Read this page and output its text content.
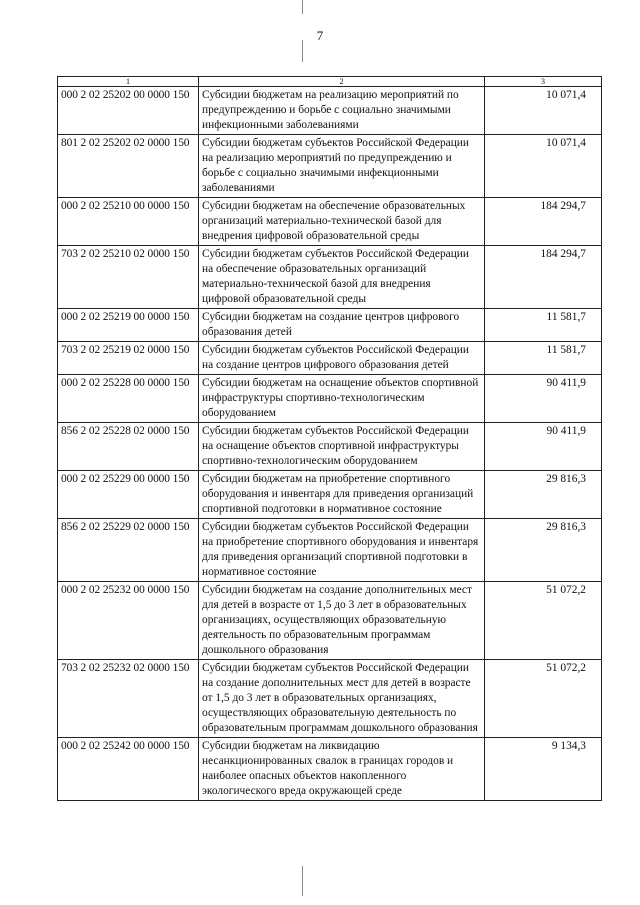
7
1	2	3
000 2 02 25202 00 0000 150	Субсидии бюджетам на реализацию мероприятий по предупреждению и борьбе с социально значимыми инфекционными заболеваниями	10 071,4
801 2 02 25202 02 0000 150	Субсидии бюджетам субъектов Российской Федерации на реализацию мероприятий по предупреждению и борьбе с социально значимыми инфекционными заболеваниями	10 071,4
000 2 02 25210 00 0000 150	Субсидии бюджетам на обеспечение образовательных организаций материально-технической базой для внедрения цифровой образовательной среды	184 294,7
703 2 02 25210 02 0000 150	Субсидии бюджетам субъектов Российской Федерации на обеспечение образовательных организаций материально-технической базой для внедрения цифровой образовательной среды	184 294,7
000 2 02 25219 00 0000 150	Субсидии бюджетам на создание центров цифрового образования детей	11 581,7
703 2 02 25219 02 0000 150	Субсидии бюджетам субъектов Российской Федерации на создание центров цифрового образования детей	11 581,7
000 2 02 25228 00 0000 150	Субсидии бюджетам на оснащение объектов спортивной инфраструктуры спортивно-технологическим оборудованием	90 411,9
856 2 02 25228 02 0000 150	Субсидии бюджетам субъектов Российской Федерации на оснащение объектов спортивной инфраструктуры спортивно-технологическим оборудованием	90 411,9
000 2 02 25229 00 0000 150	Субсидии бюджетам на приобретение спортивного оборудования и инвентаря для приведения организаций спортивной подготовки в нормативное состояние	29 816,3
856 2 02 25229 02 0000 150	Субсидии бюджетам субъектов Российской Федерации на приобретение спортивного оборудования и инвентаря для приведения организаций спортивной подготовки в нормативное состояние	29 816,3
000 2 02 25232 00 0000 150	Субсидии бюджетам на создание дополнительных мест для детей в возрасте от 1,5 до 3 лет в образовательных организациях, осуществляющих образовательную деятельность по образовательным программам дошкольного образования	51 072,2
703 2 02 25232 02 0000 150	Субсидии бюджетам субъектов Российской Федерации на создание дополнительных мест для детей в возрасте от 1,5 до 3 лет в образовательных организациях, осуществляющих образовательную деятельность по образовательным программам дошкольного образования	51 072,2
000 2 02 25242 00 0000 150	Субсидии бюджетам на ликвидацию несанкционированных свалок в границах городов и наиболее опасных объектов накопленного экологического вреда окружающей среде	9 134,3
